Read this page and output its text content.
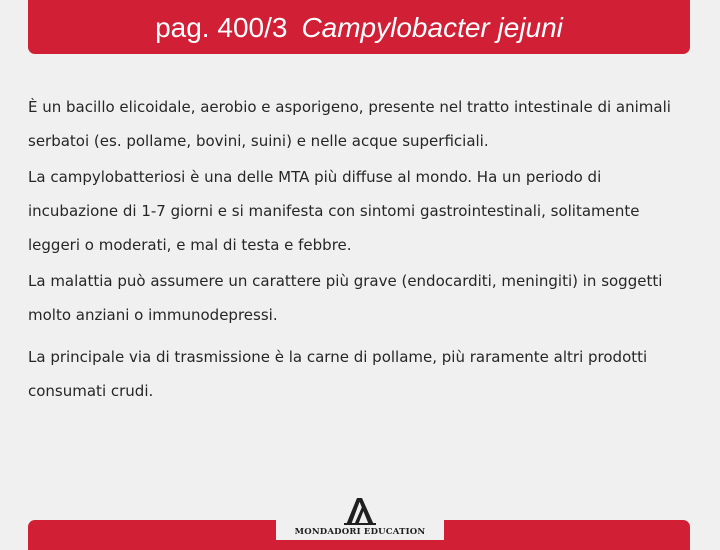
pag. 400/3 Campylobacter jejuni

È un bacillo elicoidale, aerobio e asporigeno, presente nel tratto intestinale di animali serbatoi (es. pollame, bovini, suini) e nelle acque superficiali.

La campylobatteriosi è una delle MTA più diffuse al mondo. Ha un periodo di incubazione di 1-7 giorni e si manifesta con sintomi gastrointestinali, solitamente leggeri o moderati, e mal di testa e febbre.

La malattia può assumere un carattere più grave (endocarditi, meningiti) in soggetti molto anziani o immunodepressi.

La principale via di trasmissione è la carne di pollame, più raramente altri prodotti consumati crudi.

MONDADORI EDUCATION
